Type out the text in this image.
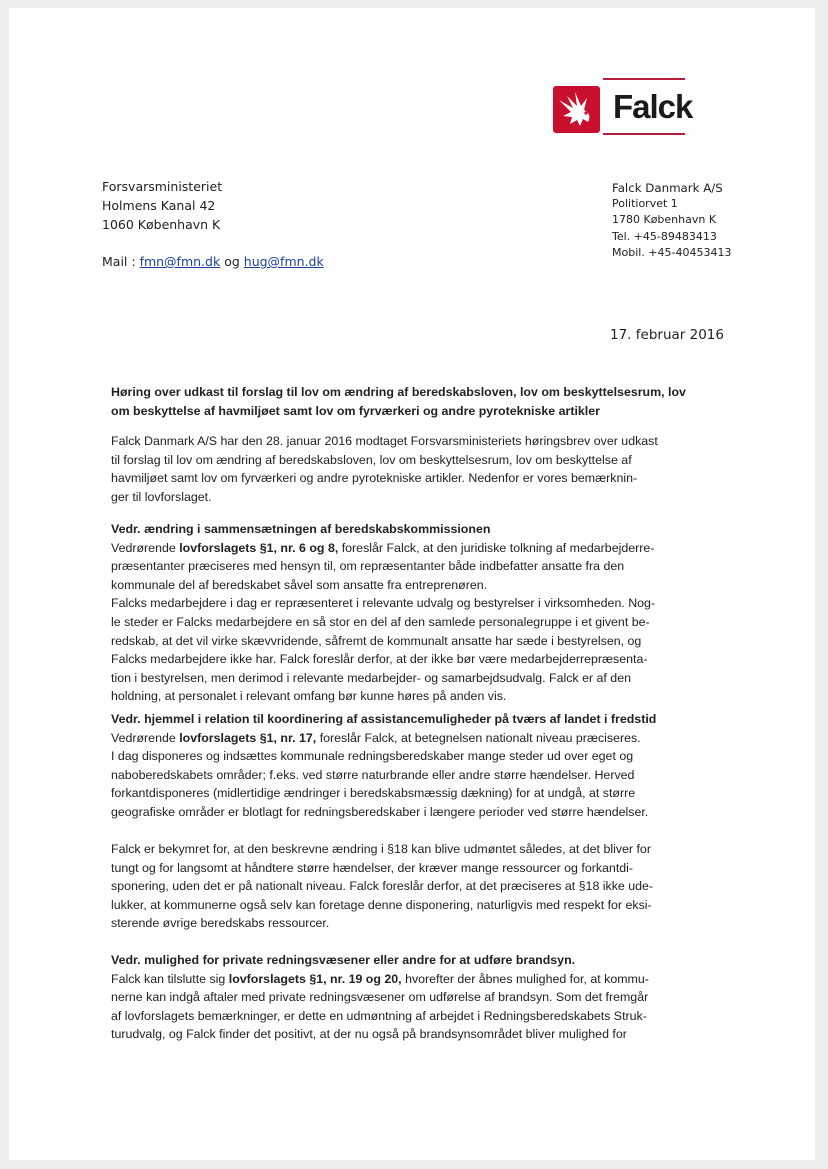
Falck
Forsvarsministeriet
Holmens Kanal 42
1060 København K
Mail : fmn@fmn.dk og hug@fmn.dk
Falck Danmark A/S
Politiorvet 1
1780 København K
Tel. +45-89483413
Mobil. +45-40453413
17. februar 2016
Høring over udkast til forslag til lov om ændring af beredskabsloven, lov om beskyttelsesrum, lov
om beskyttelse af havmiljøet samt lov om fyrværkeri og andre pyrotekniske artikler
Falck Danmark A/S har den 28. januar 2016 modtaget Forsvarsministeriets høringsbrev over udkast
til forslag til lov om ændring af beredskabsloven, lov om beskyttelsesrum, lov om beskyttelse af
havmiljøet samt lov om fyrværkeri og andre pyrotekniske artikler. Nedenfor er vores bemærknin-
ger til lovforslaget.
Vedr. ændring i sammensætningen af beredskabskommissionen
Vedrørende lovforslagets §1, nr. 6 og 8, foreslår Falck, at den juridiske tolkning af medarbejderre-
præsentanter præciseres med hensyn til, om repræsentanter både indbefatter ansatte fra den
kommunale del af beredskabet såvel som ansatte fra entreprenøren.
Falcks medarbejdere i dag er repræsenteret i relevante udvalg og bestyrelser i virksomheden. Nog-
le steder er Falcks medarbejdere en så stor en del af den samlede personalegruppe i et givent be-
redskab, at det vil virke skævvridende, såfremt de kommunalt ansatte har sæde i bestyrelsen, og
Falcks medarbejdere ikke har. Falck foreslår derfor, at der ikke bør være medarbejderrepræsenta-
tion i bestyrelsen, men derimod i relevante medarbejder- og samarbejdsudvalg. Falck er af den
holdning, at personalet i relevant omfang bør kunne høres på anden vis.
Vedr. hjemmel i relation til koordinering af assistancemuligheder på tværs af landet i fredstid
Vedrørende lovforslagets §1, nr. 17, foreslår Falck, at betegnelsen nationalt niveau præciseres.
I dag disponeres og indsættes kommunale redningsberedskaber mange steder ud over eget og
naboberedskabets områder; f.eks. ved større naturbrande eller andre større hændelser. Herved
forkantdisponeres (midlertidige ændringer i beredskabsmæssig dækning) for at undgå, at større
geografiske områder er blotlagt for redningsberedskaber i længere perioder ved større hændelser.
Falck er bekymret for, at den beskrevne ændring i §18 kan blive udmøntet således, at det bliver for
tungt og for langsomt at håndtere større hændelser, der kræver mange ressourcer og forkantdi-
sponering, uden det er på nationalt niveau. Falck foreslår derfor, at det præciseres at §18 ikke ude-
lukker, at kommunerne også selv kan foretage denne disponering, naturligvis med respekt for eksi-
sterende øvrige beredskabs ressourcer.
Vedr. mulighed for private redningsvæsener eller andre for at udføre brandsyn.
Falck kan tilslutte sig lovforslagets §1, nr. 19 og 20, hvorefter der åbnes mulighed for, at kommu-
nerne kan indgå aftaler med private redningsvæsener om udførelse af brandsyn. Som det fremgår
af lovforslagets bemærkninger, er dette en udmøntning af arbejdet i Redningsberedskabets Struk-
turudvalg, og Falck finder det positivt, at der nu også på brandsynsområdet bliver mulighed for
